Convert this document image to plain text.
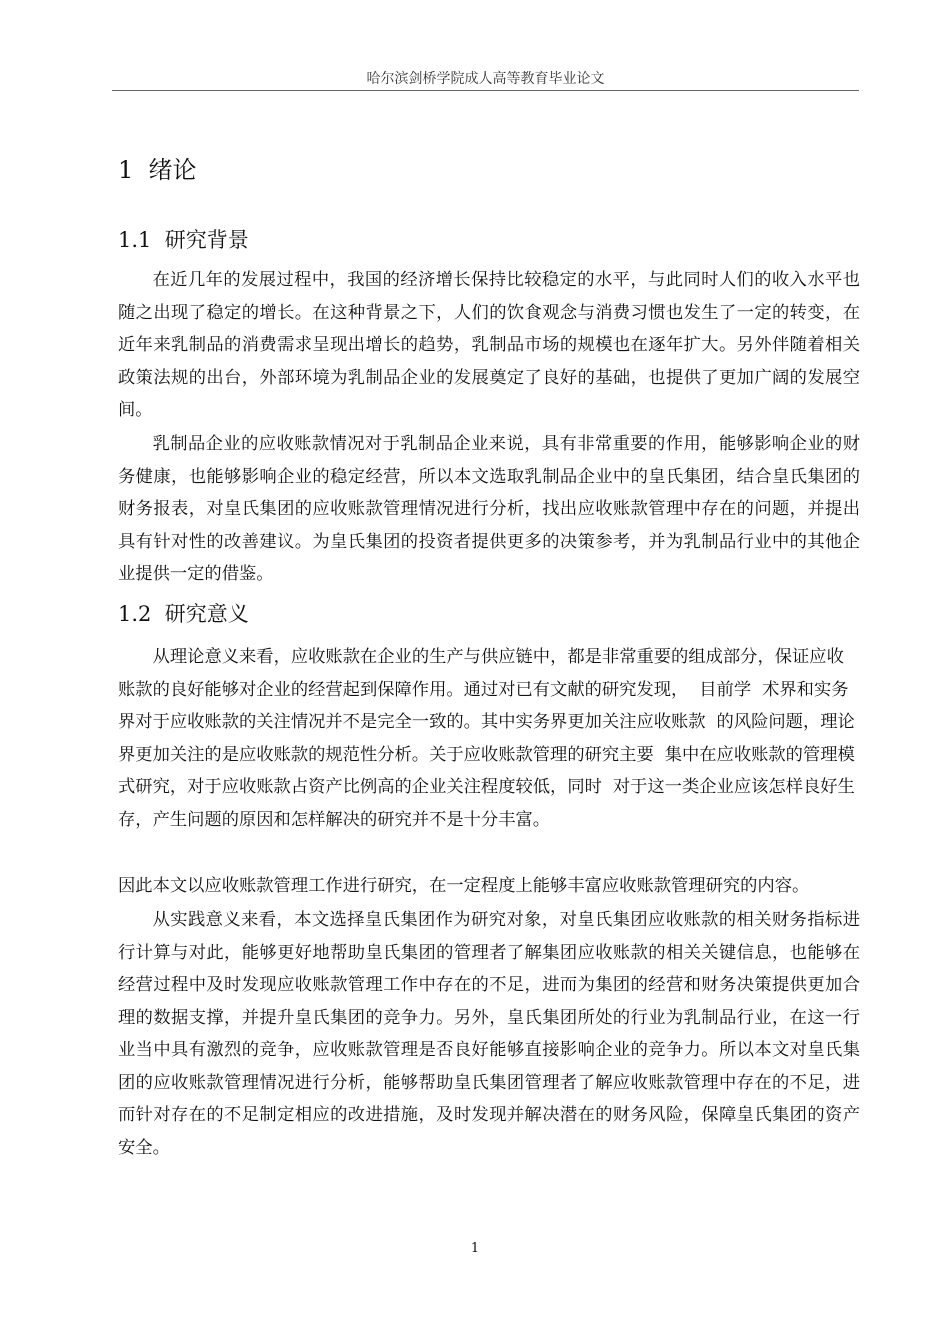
哈尔滨剑桥学院成人高等教育毕业论文
1 绪论
1.1 研究背景

在近几年的发展过程中，我国的经济增长保持比较稳定的水平，与此同时人们的收入水平也随之出现了稳定的增长。在这种背景之下，人们的饮食观念与消费习惯也发生了一定的转变，在近年来乳制品的消费需求呈现出增长的趋势，乳制品市场的规模也在逐年扩大。另外伴随着相关政策法规的出台，外部环境为乳制品企业的发展奠定了良好的基础，也提供了更加广阔的发展空间。

乳制品企业的应收账款情况对于乳制品企业来说，具有非常重要的作用，能够影响企业的财务健康，也能够影响企业的稳定经营，所以本文选取乳制品企业中的皇氏集团，结合皇氏集团的财务报表，对皇氏集团的应收账款管理情况进行分析，找出应收账款管理中存在的问题，并提出具有针对性的改善建议。为皇氏集团的投资者提供更多的决策参考，并为乳制品行业中的其他企业提供一定的借鉴。

1.2 研究意义

从理论意义来看，应收账款在企业的生产与供应链中，都是非常重要的组成部分，保证应收账款的良好能够对企业的经营起到保障作用。通过对已有文献的研究发现，  目前学  术界和实务界对于应收账款的关注情况并不是完全一致的。其中实务界更加关注应收账款  的风险问题，理论界更加关注的是应收账款的规范性分析。关于应收账款管理的研究主要  集中在应收账款的管理模式研究，对于应收账款占资产比例高的企业关注程度较低，同时  对于这一类企业应该怎样良好生存，产生问题的原因和怎样解决的研究并不是十分丰富。

因此本文以应收账款管理工作进行研究，在一定程度上能够丰富应收账款管理研究的内容。

从实践意义来看，本文选择皇氏集团作为研究对象，对皇氏集团应收账款的相关财务指标进行计算与对此，能够更好地帮助皇氏集团的管理者了解集团应收账款的相关关键信息，也能够在经营过程中及时发现应收账款管理工作中存在的不足，进而为集团的经营和财务决策提供更加合理的数据支撑，并提升皇氏集团的竞争力。另外，皇氏集团所处的行业为乳制品行业，在这一行业当中具有激烈的竞争，应收账款管理是否良好能够直接影响企业的竞争力。所以本文对皇氏集团的应收账款管理情况进行分析，能够帮助皇氏集团管理者了解应收账款管理中存在的不足，进而针对存在的不足制定相应的改进措施，及时发现并解决潜在的财务风险，保障皇氏集团的资产安全。

1
